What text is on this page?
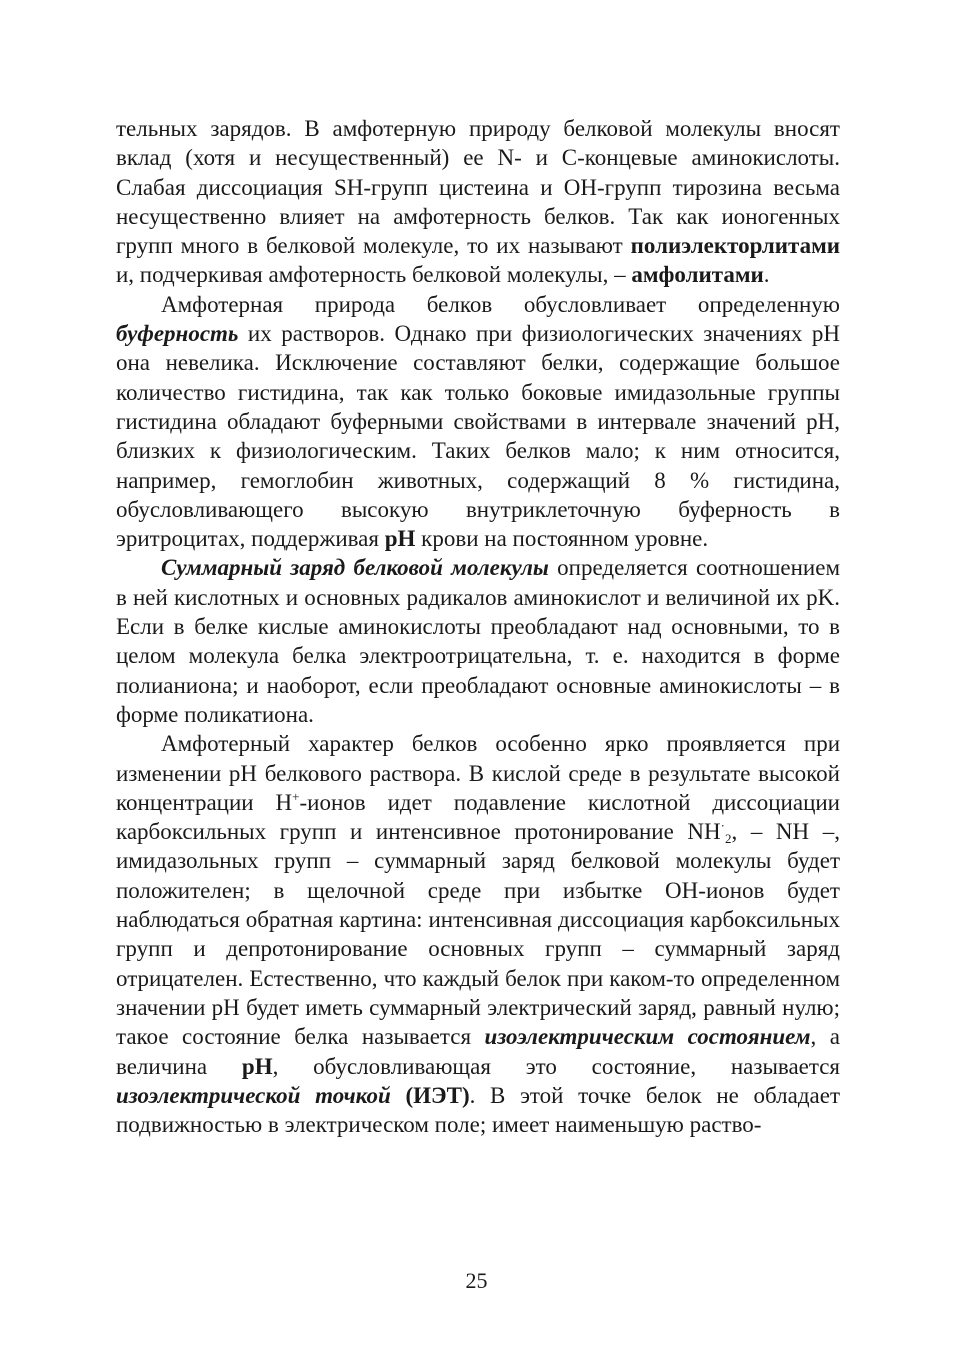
тельных зарядов. В амфотерную природу белковой молекулы вносят вклад (хотя и несущественный) ее N- и C-концевые аминокислоты. Слабая диссоциация SH-групп цистеина и OH-групп тирозина весьма несущественно влияет на амфотерность белков. Так как ионогенных групп много в белковой молекуле, то их называют полиэлекторлитами и, подчеркивая амфотерность белковой молекулы, – амфолитами.

Амфотерная природа белков обусловливает определенную буферность их растворов. Однако при физиологических значениях pH она невелика. Исключение составляют белки, содержащие большое количество гистидина, так как только боковые имидазольные группы гистидина обладают буферными свойствами в интервале значений pH, близких к физиологическим. Таких белков мало; к ним относится, например, гемоглобин животных, содержащий 8 % гистидина, обусловливающего высокую внутриклеточную буферность в эритроцитах, поддерживая pH крови на постоянном уровне.

Суммарный заряд белковой молекулы определяется соотношением в ней кислотных и основных радикалов аминокислот и величиной их pK. Если в белке кислые аминокислоты преобладают над основными, то в целом молекула белка электроотрицательна, т. е. находится в форме полианиона; и наоборот, если преобладают основные аминокислоты – в форме поликатиона.

Амфотерный характер белков особенно ярко проявляется при изменении pH белкового раствора. В кислой среде в результате высокой концентрации H+-ионов идет подавление кислотной диссоциации карбоксильных групп и интенсивное протонирование $NH^\cdot_2$, – NH –, имидазольных групп – суммарный заряд белковой молекулы будет положителен; в щелочной среде при избытке OH-ионов будет наблюдаться обратная картина: интенсивная диссоциация карбоксильных групп и депротонирование основных групп – суммарный заряд отрицателен. Естественно, что каждый белок при каком-то определенном значении pH будет иметь суммарный электрический заряд, равный нулю; такое состояние белка называется изоэлектрическим состоянием, а величина pH, обусловливающая это состояние, называется изоэлектрической точкой (ИЭТ). В этой точке белок не обладает подвижностью в электрическом поле; имеет наименьшую раство-

25
